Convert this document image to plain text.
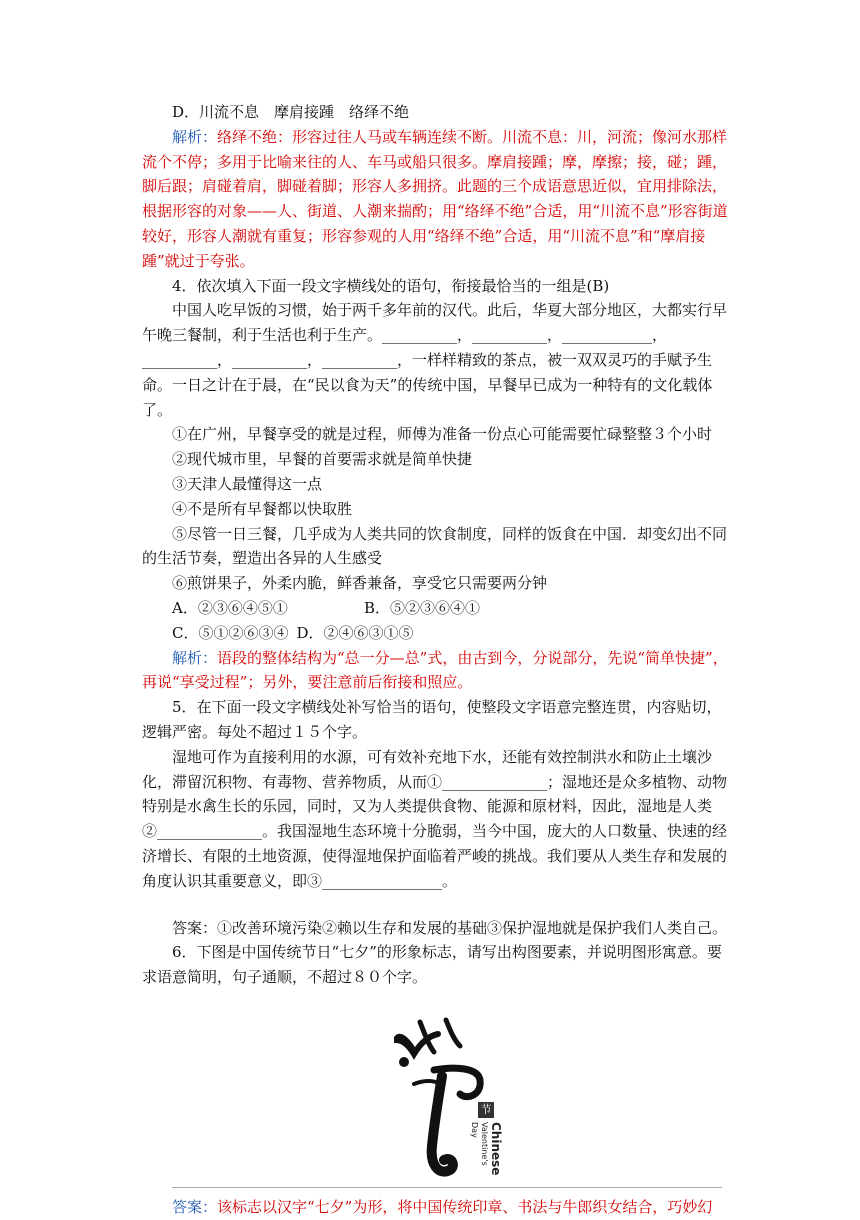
D．川流不息　摩肩接踵　络绎不绝

解析：络绎不绝：形容过往人马或车辆连续不断。川流不息：川，河流；像河水那样流个不停；多用于比喻来往的人、车马或船只很多。摩肩接踵；摩，摩擦；接，碰；踵，脚后跟；肩碰着肩，脚碰着脚；形容人多拥挤。此题的三个成语意思近似，宜用排除法，根据形容的对象——人、街道、人潮来揣酌；用“络绎不绝”合适，用“川流不息”形容街道较好，形容人潮就有重复；形容参观的人用“络绎不绝”合适，用“川流不息”和“摩肩接踵”就过于夸张。

4．依次填入下面一段文字横线处的语句，衔接最恰当的一组是(B)

中国人吃早饭的习惯，始于两千多年前的汉代。此后，华夏大部分地区，大都实行早午晚三餐制，利于生活也利于生产。__________，__________，____________，__________，__________，__________，一样样精致的茶点，被一双双灵巧的手赋予生命。一日之计在于晨，在“民以食为天”的传统中国，早餐早已成为一种特有的文化载体了。

①在广州，早餐享受的就是过程，师傅为准备一份点心可能需要忙碌整整３个小时

②现代城市里，早餐的首要需求就是简单快捷

③天津人最懂得这一点

④不是所有早餐都以快取胜

⑤尽管一日三餐，几乎成为人类共同的饮食制度，同样的饭食在中国．却变幻出不同的生活节奏，塑造出各异的人生感受

⑥煎饼果子，外柔内脆，鲜香兼备，享受它只需要两分钟

A．②③⑥④⑤①	B．⑤②③⑥④①
C．⑤①②⑥③④ D．②④⑥③①⑤

解析：语段的整体结构为“总一分—总”式，由古到今，分说部分，先说“简单快捷”，再说“享受过程”；另外，要注意前后衔接和照应。

5．在下面一段文字横线处补写恰当的语句，使整段文字语意完整连贯，内容贴切，逻辑严密。每处不超过１５个字。

湿地可作为直接利用的水源，可有效补充地下水，还能有效控制洪水和防止土壤沙化，滞留沉积物、有毒物、营养物质，从而①______________；湿地还是众多植物、动物特别是水禽生长的乐园，同时，又为人类提供食物、能源和原材料，因此，湿地是人类②______________。我国湿地生态环境十分脆弱，当今中国，庞大的人口数量、快速的经济增长、有限的土地资源，使得湿地保护面临着严峻的挑战。我们要从人类生存和发展的角度认识其重要意义，即③________________。

答案：①改善环境污染②赖以生存和发展的基础③保护湿地就是保护我们人类自己。

6．下图是中国传统节日“七夕”的形象标志，请写出构图要素，并说明图形寓意。要求语意简明，句子通顺，不超过８０个字。

节
Chinese
Valentine's Day

答案：该标志以汉字“七夕”为形，将中国传统印章、书法与牛郎织女结合，巧妙幻
